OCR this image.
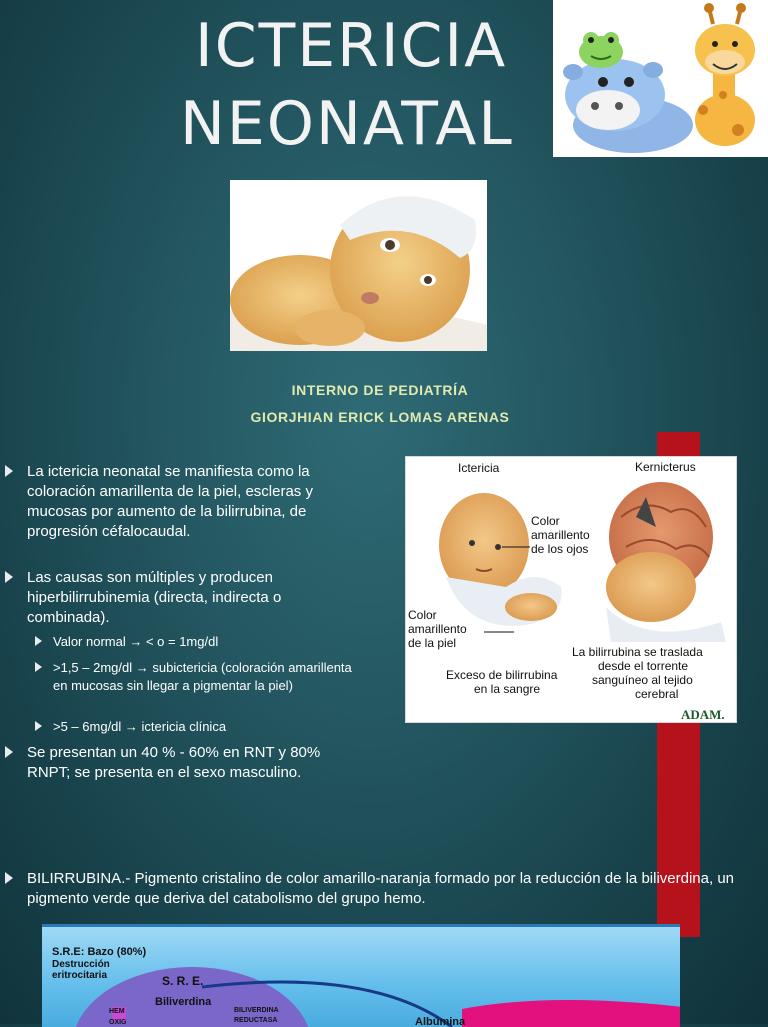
ICTERICIA
NEONATAL
INTERNO DE PEDIATRÍA
GIORJHIAN ERICK LOMAS ARENAS
Ictericia	Kernicterus
Color
amarillento
de los ojos
Color
amarillento
de la piel
Exceso de bilirrubina
en la sangre
La bilirrubina se traslada
desde el torrente
sanguíneo al tejido
cerebral
ADAM.
La ictericia neonatal se manifiesta como la coloración amarillenta de la piel, escleras y mucosas por aumento de la bilirrubina, de progresión céfalocaudal.
Las causas son múltiples y producen hiperbilirrubinemia (directa, indirecta o combinada).
Valor normal → < o = 1mg/dl
>1,5 – 2mg/dl → subictericia (coloración amarillenta en mucosas sin llegar a pigmentar la piel)
>5 – 6mg/dl → ictericia clínica
Se presentan un 40 % - 60% en RNT y 80% RNPT; se presenta en el sexo masculino.
BILIRRUBINA.- Pigmento cristalino de color amarillo-naranja formado por la reducción de la biliverdina, un pigmento verde que deriva del catabolismo del grupo hemo.
S.R.E: Bazo (80%)
Destrucción
eritrocitaria	S. R. E.
Biliverdina
HEM
OXIG
BILIVERDINA
REDUCTASA	Albúmina
